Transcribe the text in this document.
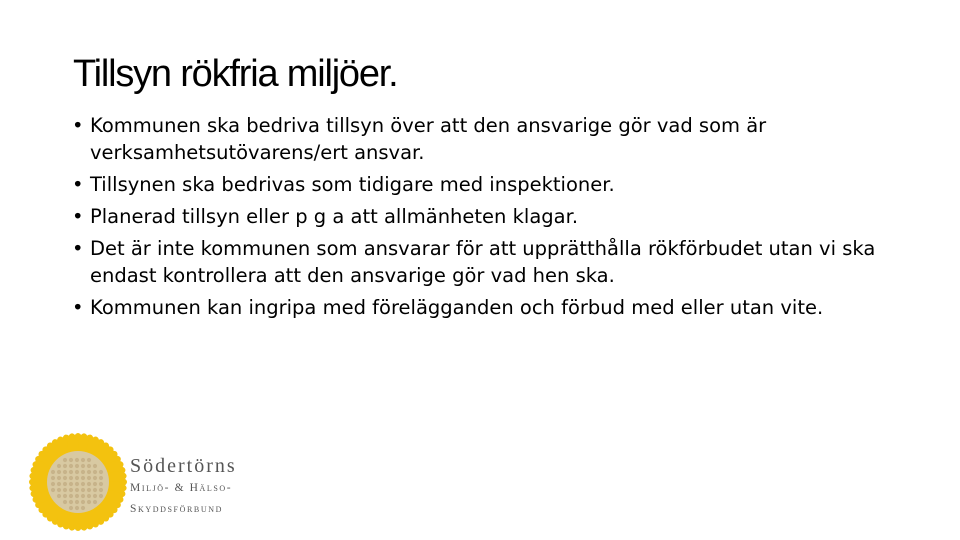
Tillsyn rökfria miljöer.
• Kommunen ska bedriva tillsyn över att den ansvarige gör vad som är verksamhetsutövarens/ert ansvar.
• Tillsynen ska bedrivas som tidigare med inspektioner.
• Planerad tillsyn eller p g a att allmänheten klagar.
• Det är inte kommunen som ansvarar för att upprätthålla rökförbudet utan vi ska endast kontrollera att den ansvarige gör vad hen ska.
• Kommunen kan ingripa med förelägganden och förbud med eller utan vite.
Södertörns
Miljö- & Hälso-
Skyddsförbund
